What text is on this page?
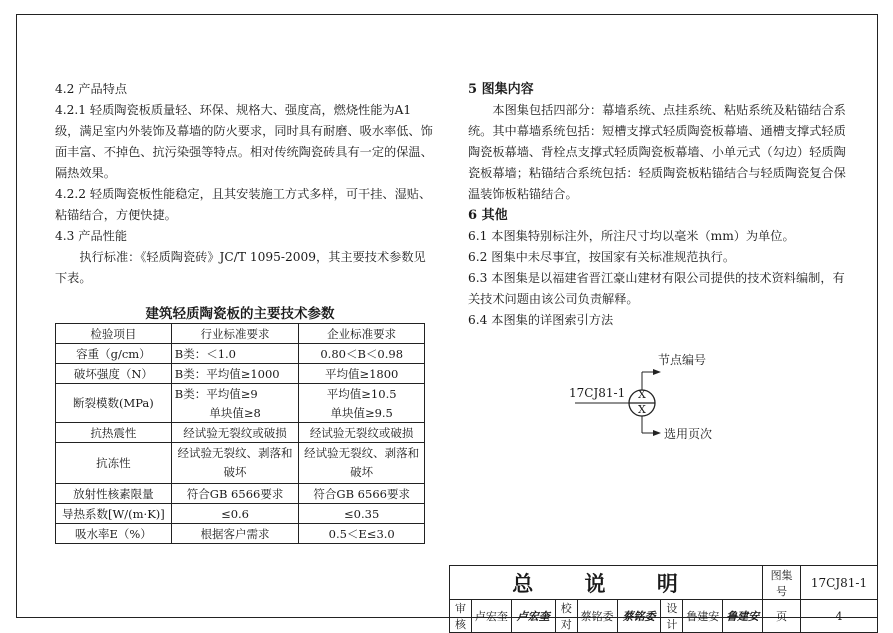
4.2 产品特点

4.2.1 轻质陶瓷板质量轻、环保、规格大、强度高，燃烧性能为A1级，满足室内外装饰及幕墙的防火要求，同时具有耐磨、吸水率低、饰面丰富、不掉色、抗污染强等特点。相对传统陶瓷砖具有一定的保温、隔热效果。

4.2.2 轻质陶瓷板性能稳定，且其安装施工方式多样，可干挂、湿贴、粘锚结合，方便快捷。

4.3 产品性能

执行标准：《轻质陶瓷砖》JC/T 1095-2009，其主要技术参数见下表。

建筑轻质陶瓷板的主要技术参数
检验项目	行业标准要求	企业标准要求
容重（g/cm）	B类：＜1.0	0.80＜B＜0.98
破坏强度（N）	B类：平均值≥1000	平均值≥1800
断裂模数(MPa)	B类：平均值≥9	平均值≥10.5
	单块值≥8	单块值≥9.5
抗热震性	经试验无裂纹或破损	经试验无裂纹或破损
抗冻性	经试验无裂纹、剥落和破坏	经试验无裂纹、剥落和破坏
放射性核素限量	符合GB 6566要求	符合GB 6566要求
导热系数[W/(m·K)]	≤0.6	≤0.35
吸水率E（%）	根据客户需求	0.5＜E≤3.0
5 图集内容

本图集包括四部分：幕墙系统、点挂系统、粘贴系统及粘锚结合系统。其中幕墙系统包括：短槽支撑式轻质陶瓷板幕墙、通槽支撑式轻质陶瓷板幕墙、背栓点支撑式轻质陶瓷板幕墙、小单元式（勾边）轻质陶瓷板幕墙；粘锚结合系统包括：轻质陶瓷板粘锚结合与轻质陶瓷复合保温装饰板粘锚结合。

6 其他

6.1 本图集特别标注外，所注尺寸均以毫米（mm）为单位。

6.2 图集中未尽事宜，按国家有关标准规范执行。

6.3 本图集是以福建省晋江豪山建材有限公司提供的技术资料编制，有关技术问题由该公司负责解释。

6.4 本图集的详图索引方法

节点编号
17CJ81-1 X
X
选用页次
总 说 明									图集号	17CJ81-1
审核	卢宏奎	卢宏奎	校对	蔡铭委	蔡铭委	设计	鲁建安	鲁建安	页	4
